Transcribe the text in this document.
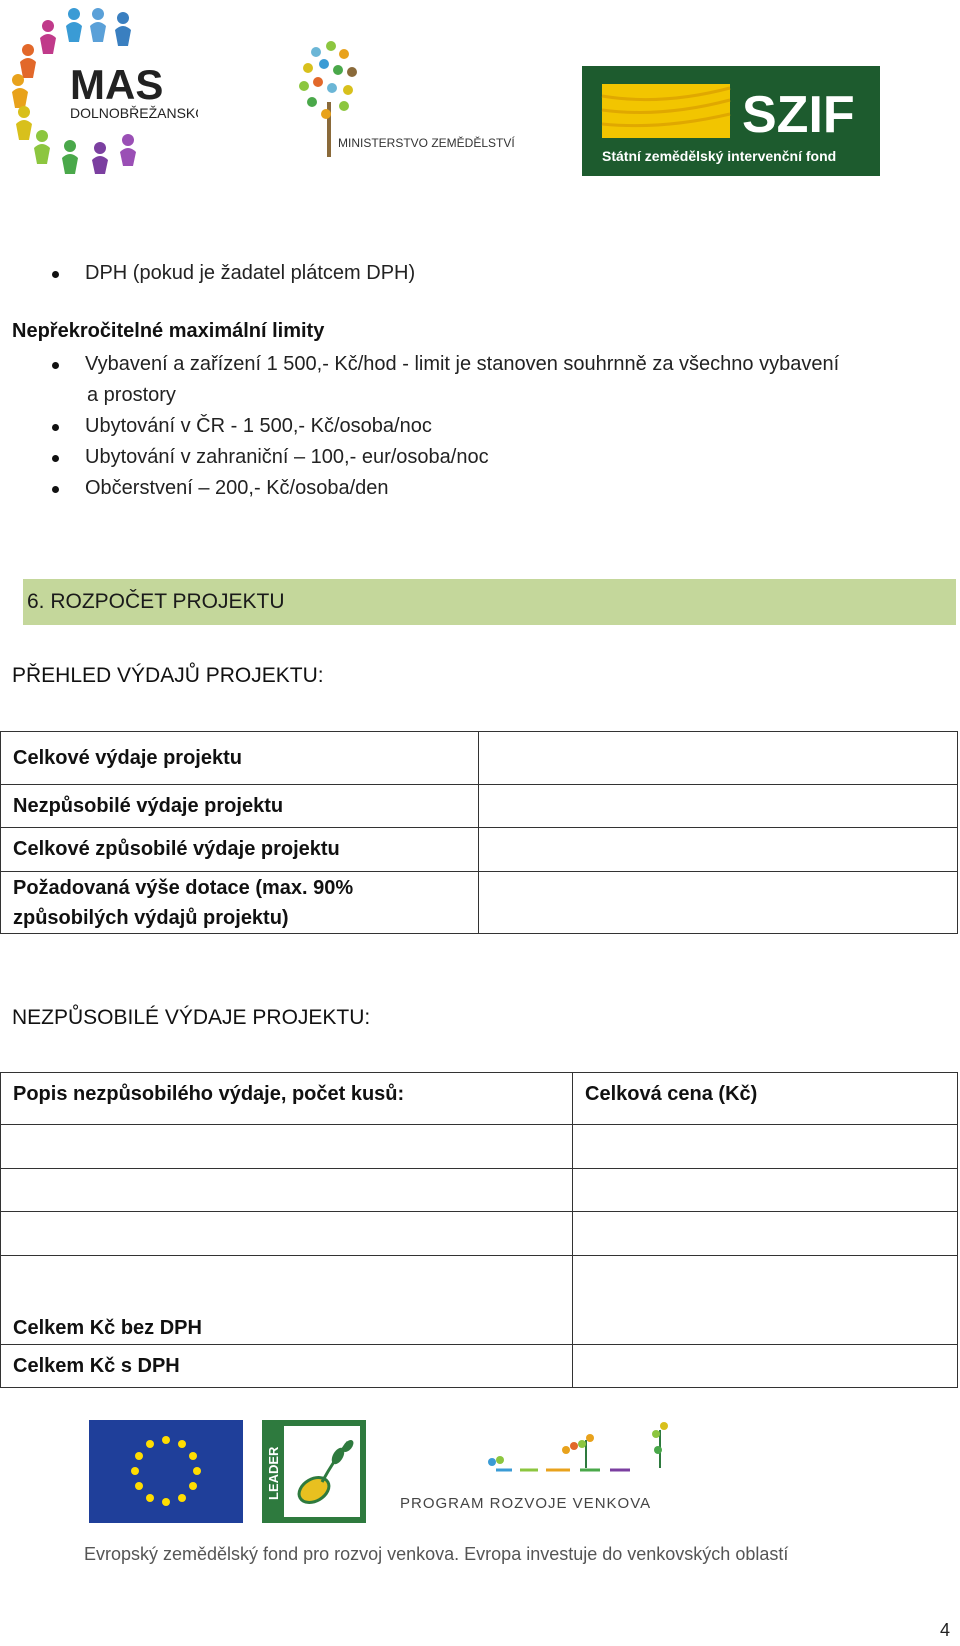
MAS
DOLNOBŘEŽANSKO
MINISTERSTVO ZEMĚDĚLSTVÍ	SZIF
Státní zemědělský intervenční fond
DPH (pokud je žadatel plátcem DPH)
Nepřekročitelné maximální limity
Vybavení a zařízení 1 500,- Kč/hod - limit je stanoven souhrnně za všechno vybavení
a prostory
Ubytování v ČR - 1 500,- Kč/osoba/noc
Ubytování v zahraniční – 100,- eur/osoba/noc
Občerstvení – 200,- Kč/osoba/den
6. ROZPOČET PROJEKTU
PŘEHLED VÝDAJŮ PROJEKTU:
Celkové výdaje projektu	
Nezpůsobilé výdaje projektu	
Celkové způsobilé výdaje projektu	
Požadovaná výše dotace (max. 90% způsobilých výdajů projektu)	
NEZPŮSOBILÉ VÝDAJE PROJEKTU:
Popis nezpůsobilého výdaje, počet kusů:	Celková cena (Kč)

Celkem Kč bez DPH	
Celkem Kč s DPH	
LEADER
PROGRAM ROZVOJE VENKOVA
Evropský zemědělský fond pro rozvoj venkova. Evropa investuje do venkovských oblastí
4
